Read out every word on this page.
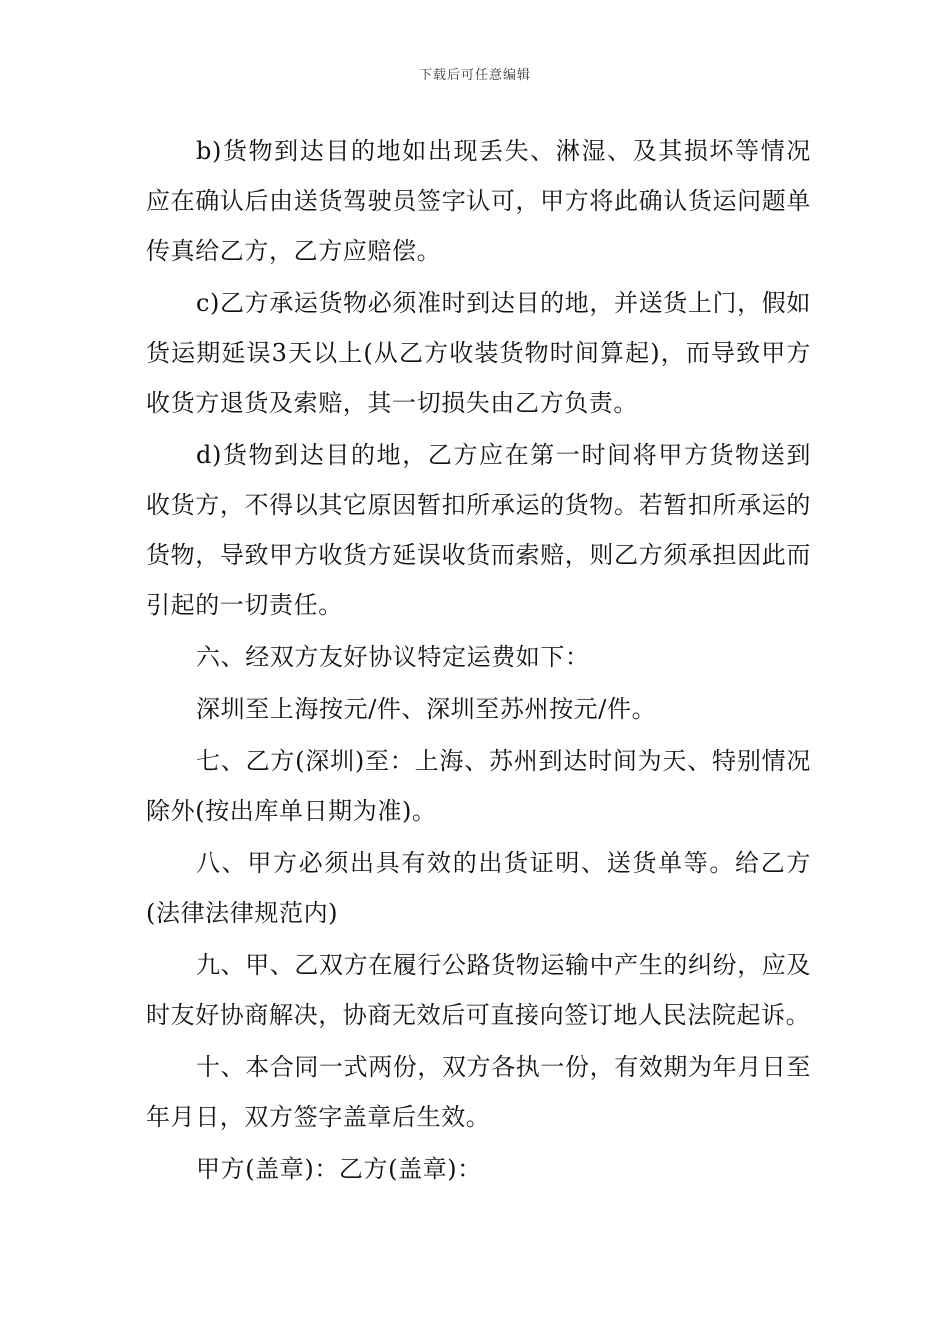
下载后可任意编辑

b)货物到达目的地如出现丢失、淋湿、及其损坏等情况应在确认后由送货驾驶员签字认可，甲方将此确认货运问题单传真给乙方，乙方应赔偿。

c)乙方承运货物必须准时到达目的地，并送货上门，假如货运期延误3天以上(从乙方收装货物时间算起)，而导致甲方收货方退货及索赔，其一切损失由乙方负责。

d)货物到达目的地，乙方应在第一时间将甲方货物送到收货方，不得以其它原因暂扣所承运的货物。若暂扣所承运的货物，导致甲方收货方延误收货而索赔，则乙方须承担因此而引起的一切责任。

六、经双方友好协议特定运费如下：

深圳至上海按元/件、深圳至苏州按元/件。

七、乙方(深圳)至：上海、苏州到达时间为天、特别情况除外(按出库单日期为准)。

八、甲方必须出具有效的出货证明、送货单等。给乙方(法律法律规范内)

九、甲、乙双方在履行公路货物运输中产生的纠纷，应及时友好协商解决，协商无效后可直接向签订地人民法院起诉。

十、本合同一式两份，双方各执一份，有效期为年月日至年月日，双方签字盖章后生效。

甲方(盖章)：乙方(盖章)：
